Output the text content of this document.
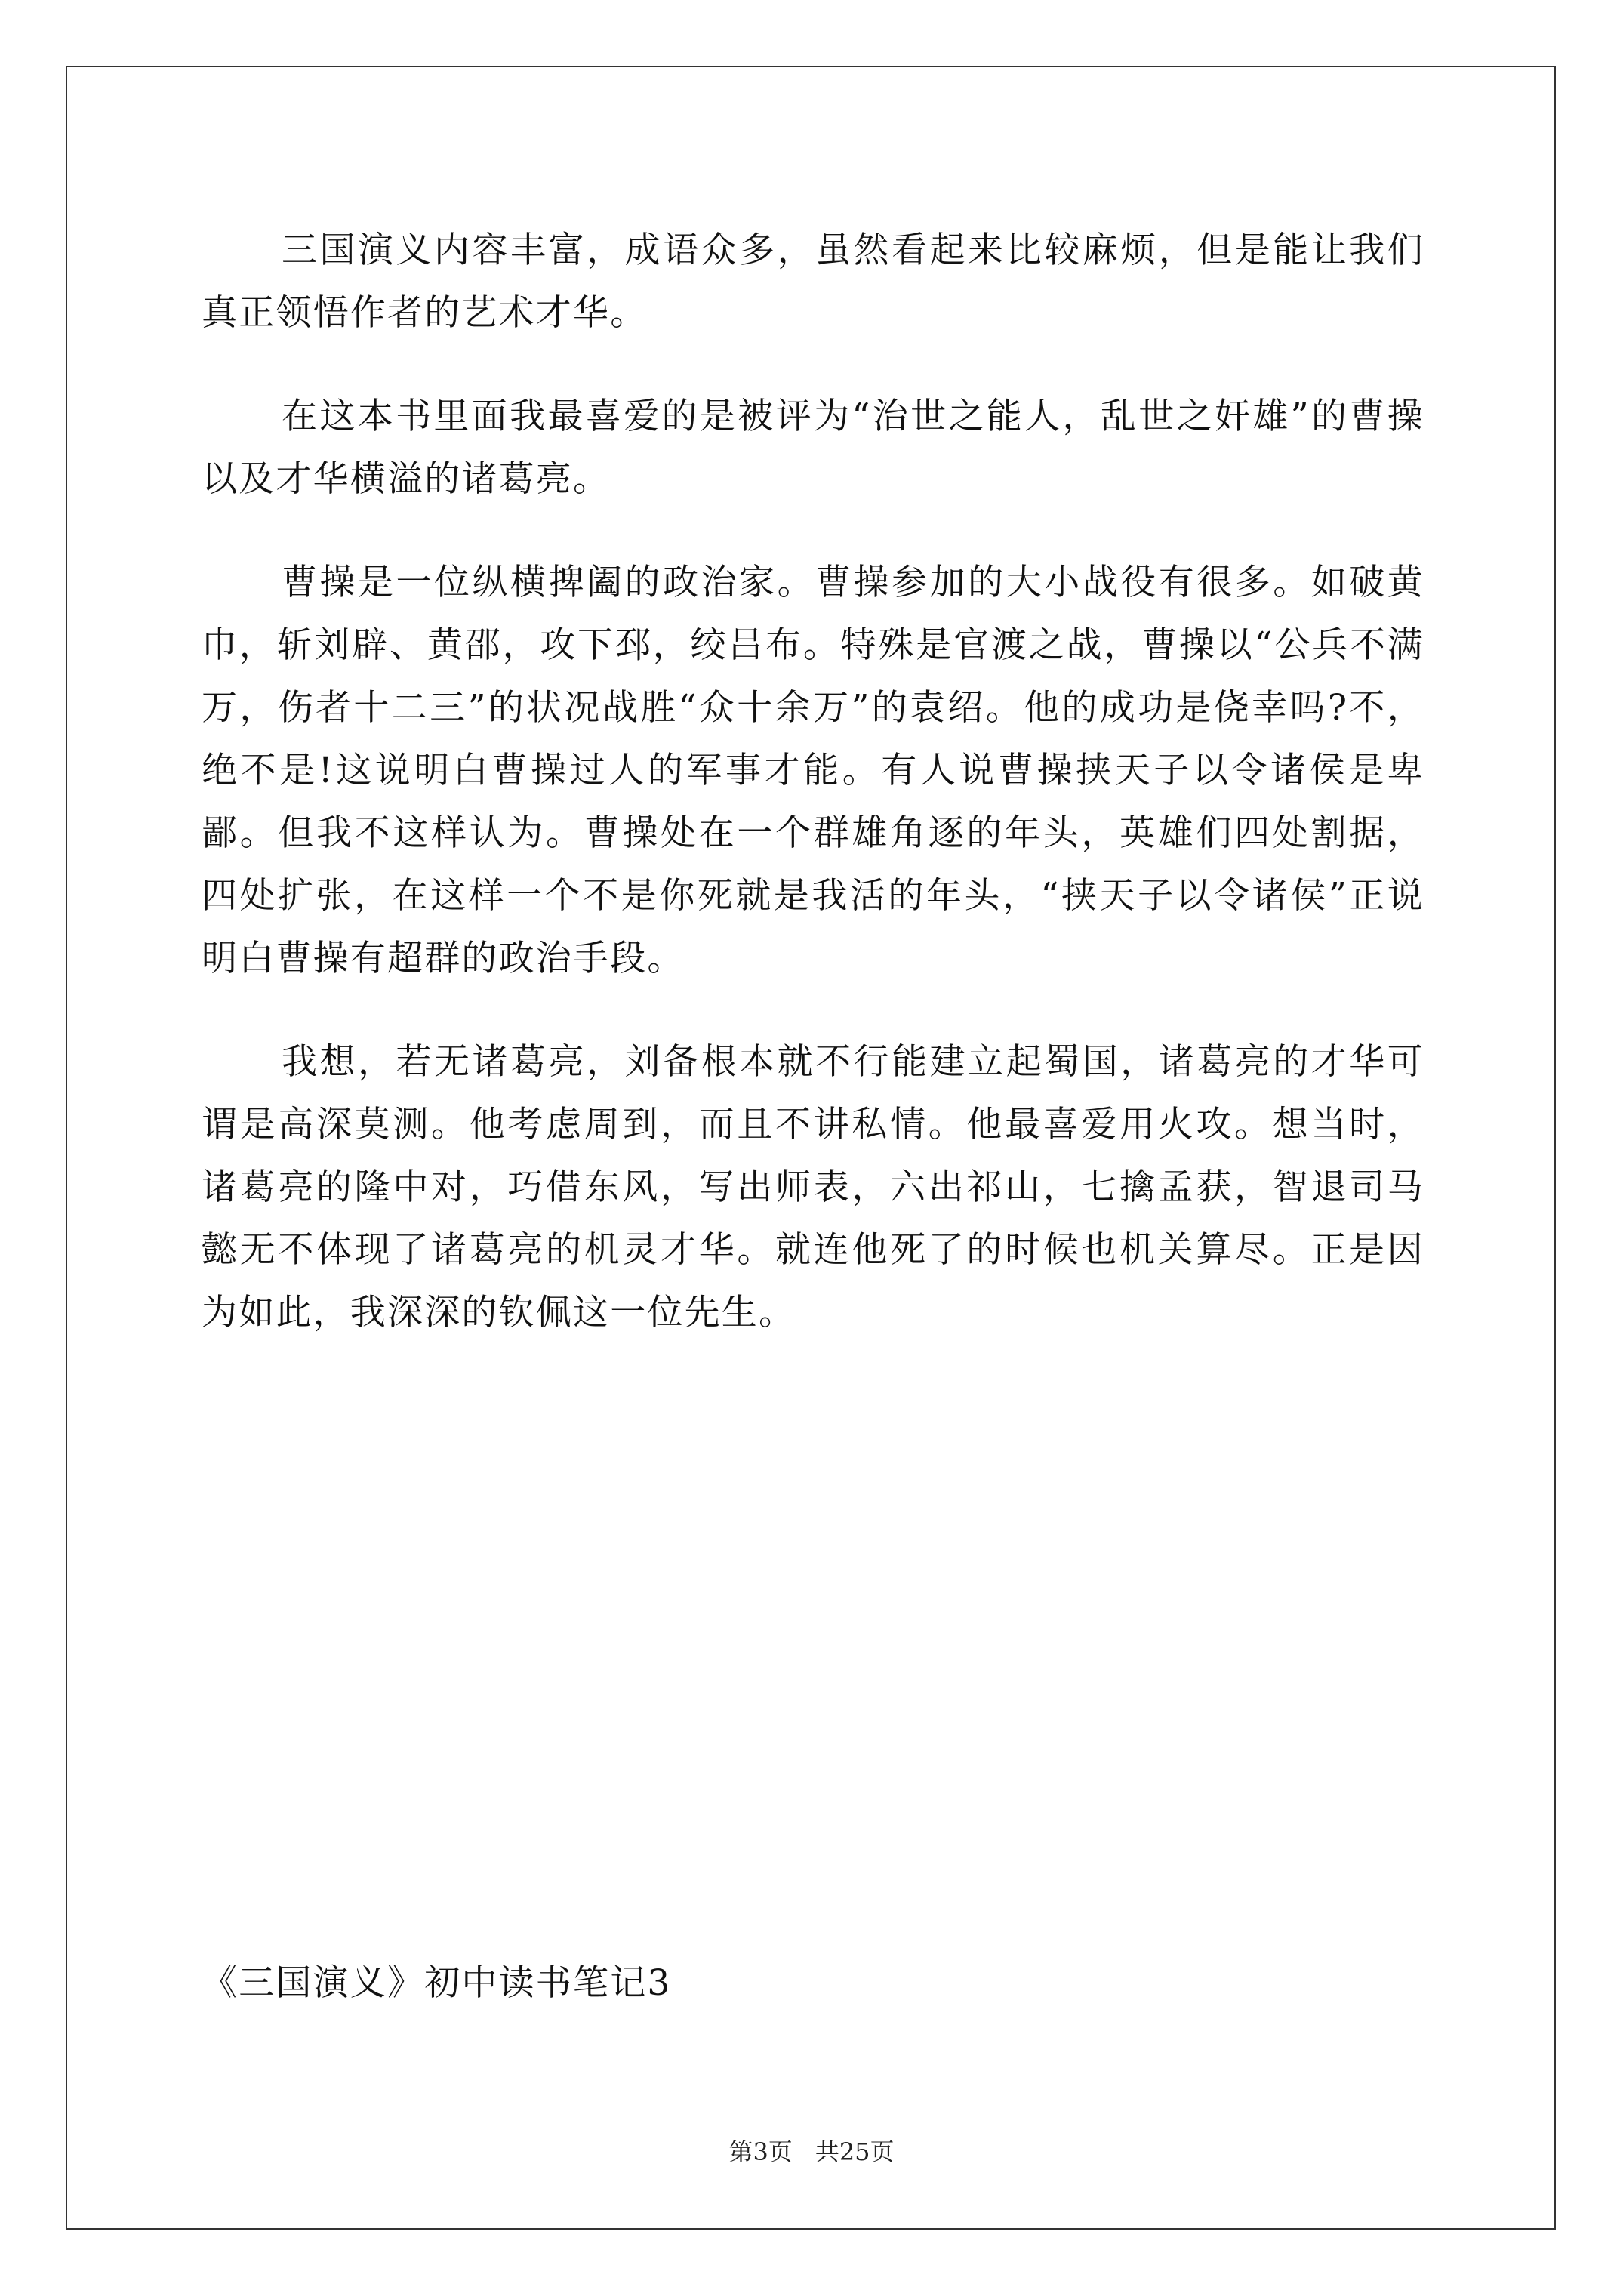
三国演义内容丰富，成语众多，虽然看起来比较麻烦，但是能让我们真正领悟作者的艺术才华。

在这本书里面我最喜爱的是被评为“治世之能人，乱世之奸雄”的曹操以及才华横溢的诸葛亮。

曹操是一位纵横捭阖的政治家。曹操参加的大小战役有很多。如破黄巾，斩刘辟、黄邵，攻下邳，绞吕布。特殊是官渡之战，曹操以“公兵不满万，伤者十二三”的状况战胜“众十余万”的袁绍。他的成功是侥幸吗?不，绝不是!这说明白曹操过人的军事才能。有人说曹操挟天子以令诸侯是卑鄙。但我不这样认为。曹操处在一个群雄角逐的年头，英雄们四处割据，四处扩张，在这样一个不是你死就是我活的年头，“挟天子以令诸侯”正说明白曹操有超群的政治手段。

我想，若无诸葛亮，刘备根本就不行能建立起蜀国，诸葛亮的才华可谓是高深莫测。他考虑周到，而且不讲私情。他最喜爱用火攻。想当时，诸葛亮的隆中对，巧借东风，写出师表，六出祁山，七擒孟获，智退司马懿无不体现了诸葛亮的机灵才华。就连他死了的时候也机关算尽。正是因为如此，我深深的钦佩这一位先生。

《三国演义》初中读书笔记3
第3页 共25页
